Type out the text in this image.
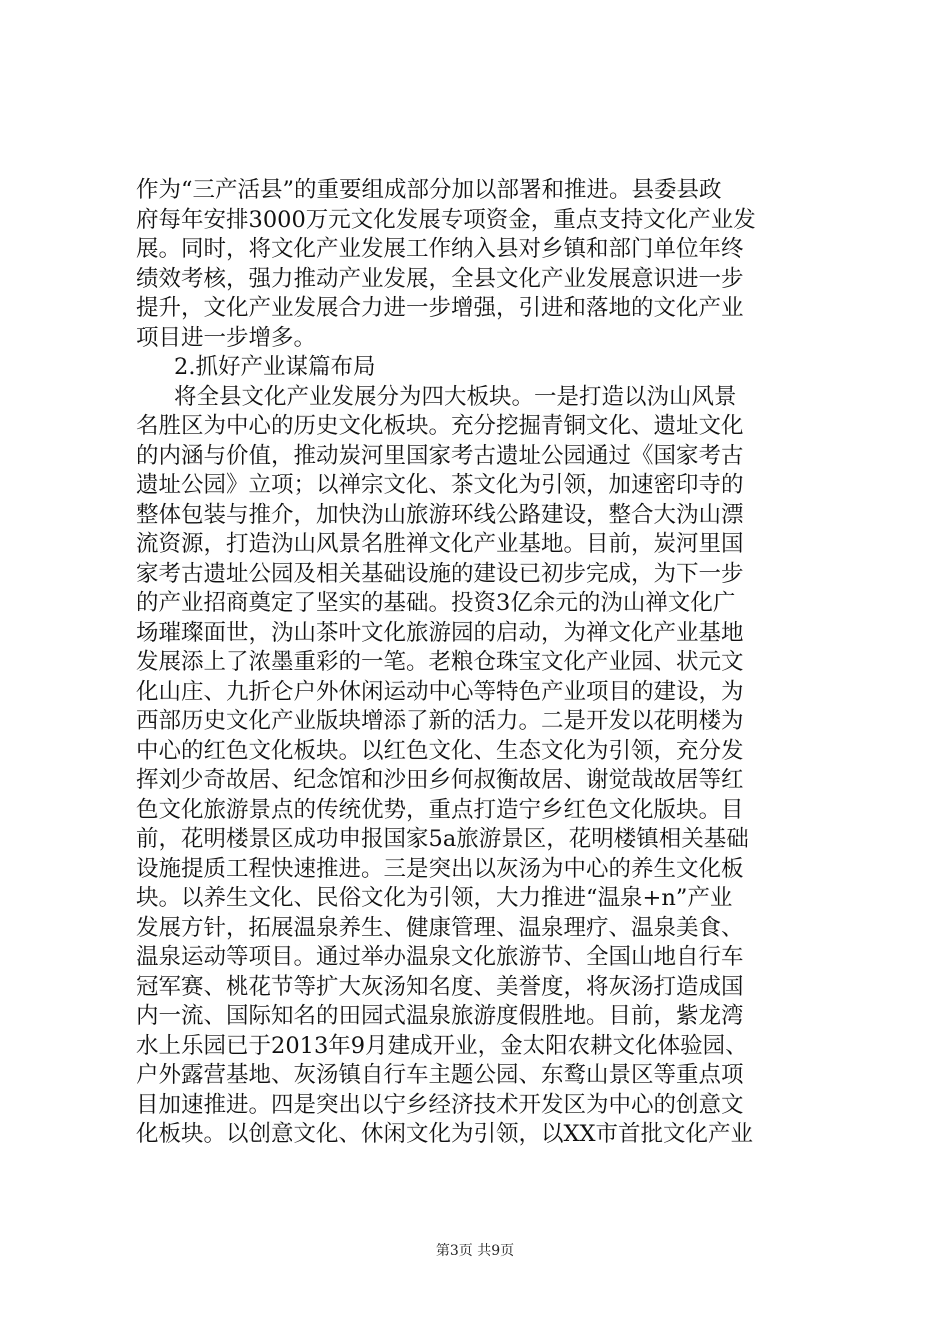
作为“三产活县”的重要组成部分加以部署和推进。县委县政
府每年安排3000万元文化发展专项资金，重点支持文化产业发
展。同时，将文化产业发展工作纳入县对乡镇和部门单位年终
绩效考核，强力推动产业发展，全县文化产业发展意识进一步
提升，文化产业发展合力进一步增强，引进和落地的文化产业
项目进一步增多。
2.抓好产业谋篇布局
将全县文化产业发展分为四大板块。一是打造以沩山风景
名胜区为中心的历史文化板块。充分挖掘青铜文化、遗址文化
的内涵与价值，推动炭河里国家考古遗址公园通过《国家考古
遗址公园》立项；以禅宗文化、茶文化为引领，加速密印寺的
整体包装与推介，加快沩山旅游环线公路建设，整合大沩山漂
流资源，打造沩山风景名胜禅文化产业基地。目前，炭河里国
家考古遗址公园及相关基础设施的建设已初步完成，为下一步
的产业招商奠定了坚实的基础。投资3亿余元的沩山禅文化广
场璀璨面世，沩山茶叶文化旅游园的启动，为禅文化产业基地
发展添上了浓墨重彩的一笔。老粮仓珠宝文化产业园、状元文
化山庄、九折仑户外休闲运动中心等特色产业项目的建设，为
西部历史文化产业版块增添了新的活力。二是开发以花明楼为
中心的红色文化板块。以红色文化、生态文化为引领，充分发
挥刘少奇故居、纪念馆和沙田乡何叔衡故居、谢觉哉故居等红
色文化旅游景点的传统优势，重点打造宁乡红色文化版块。目
前，花明楼景区成功申报国家5a旅游景区，花明楼镇相关基础
设施提质工程快速推进。三是突出以灰汤为中心的养生文化板
块。以养生文化、民俗文化为引领，大力推进“温泉+n”产业
发展方针，拓展温泉养生、健康管理、温泉理疗、温泉美食、
温泉运动等项目。通过举办温泉文化旅游节、全国山地自行车
冠军赛、桃花节等扩大灰汤知名度、美誉度，将灰汤打造成国
内一流、国际知名的田园式温泉旅游度假胜地。目前，紫龙湾
水上乐园已于2013年9月建成开业，金太阳农耕文化体验园、
户外露营基地、灰汤镇自行车主题公园、东鹜山景区等重点项
目加速推进。四是突出以宁乡经济技术开发区为中心的创意文
化板块。以创意文化、休闲文化为引领，以XX市首批文化产业
第3页 共9页
